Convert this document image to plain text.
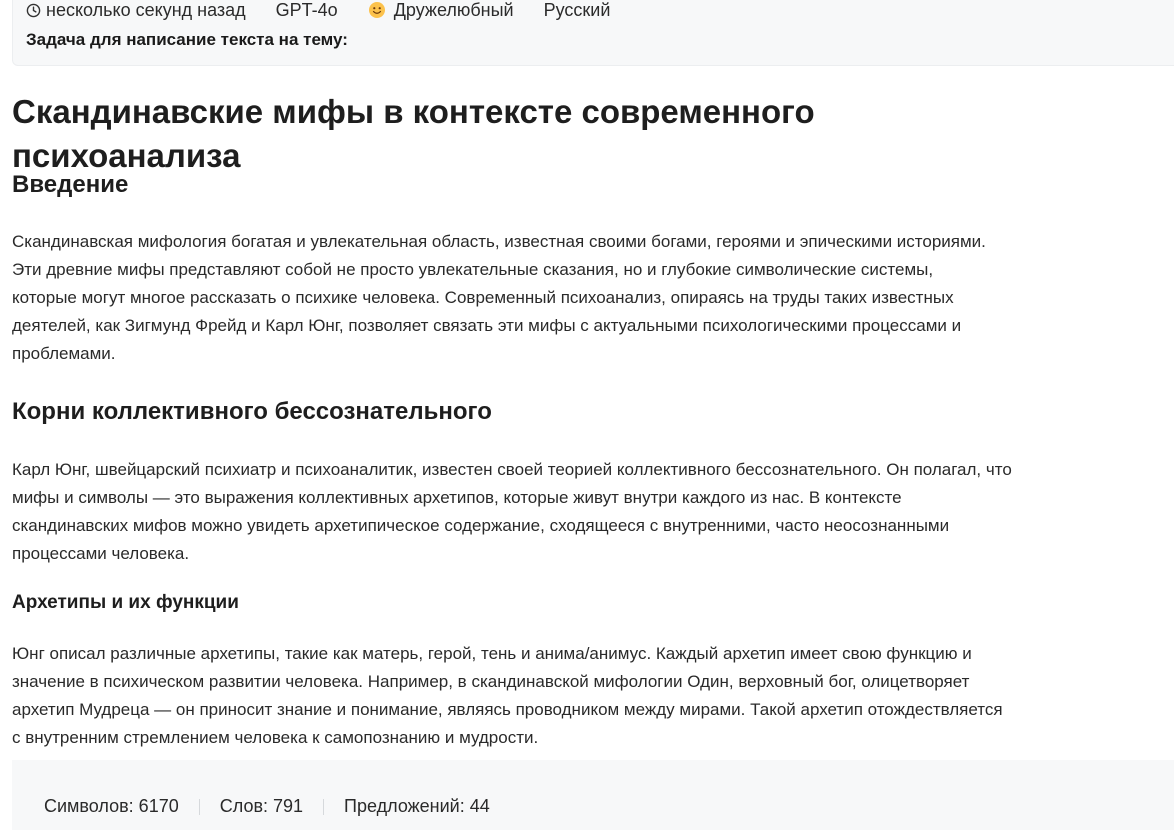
несколько секунд назад GPT-4o	Дружелюбный Русский
Задача для написание текста на тему:
Скандинавские мифы в контексте современного психоанализа
Введение

Скандинавская мифология богатая и увлекательная область, известная своими богами, героями и эпическими историями. Эти древние мифы представляют собой не просто увлекательные сказания, но и глубокие символические системы, которые могут многое рассказать о психике человека. Современный психоанализ, опираясь на труды таких известных деятелей, как Зигмунд Фрейд и Карл Юнг, позволяет связать эти мифы с актуальными психологическими процессами и проблемами.

Корни коллективного бессознательного

Карл Юнг, швейцарский психиатр и психоаналитик, известен своей теорией коллективного бессознательного. Он полагал, что мифы и символы — это выражения коллективных архетипов, которые живут внутри каждого из нас. В контексте скандинавских мифов можно увидеть архетипическое содержание, сходящееся с внутренними, часто неосознанными процессами человека.

Архетипы и их функции

Юнг описал различные архетипы, такие как матерь, герой, тень и анима/анимус. Каждый архетип имеет свою функцию и значение в психическом развитии человека. Например, в скандинавской мифологии Один, верховный бог, олицетворяет архетип Мудреца — он приносит знание и понимание, являясь проводником между мирами. Такой архетип отождествляется с внутренним стремлением человека к самопознанию и мудрости.

Символов: 6170 Слов: 791 Предложений: 44
